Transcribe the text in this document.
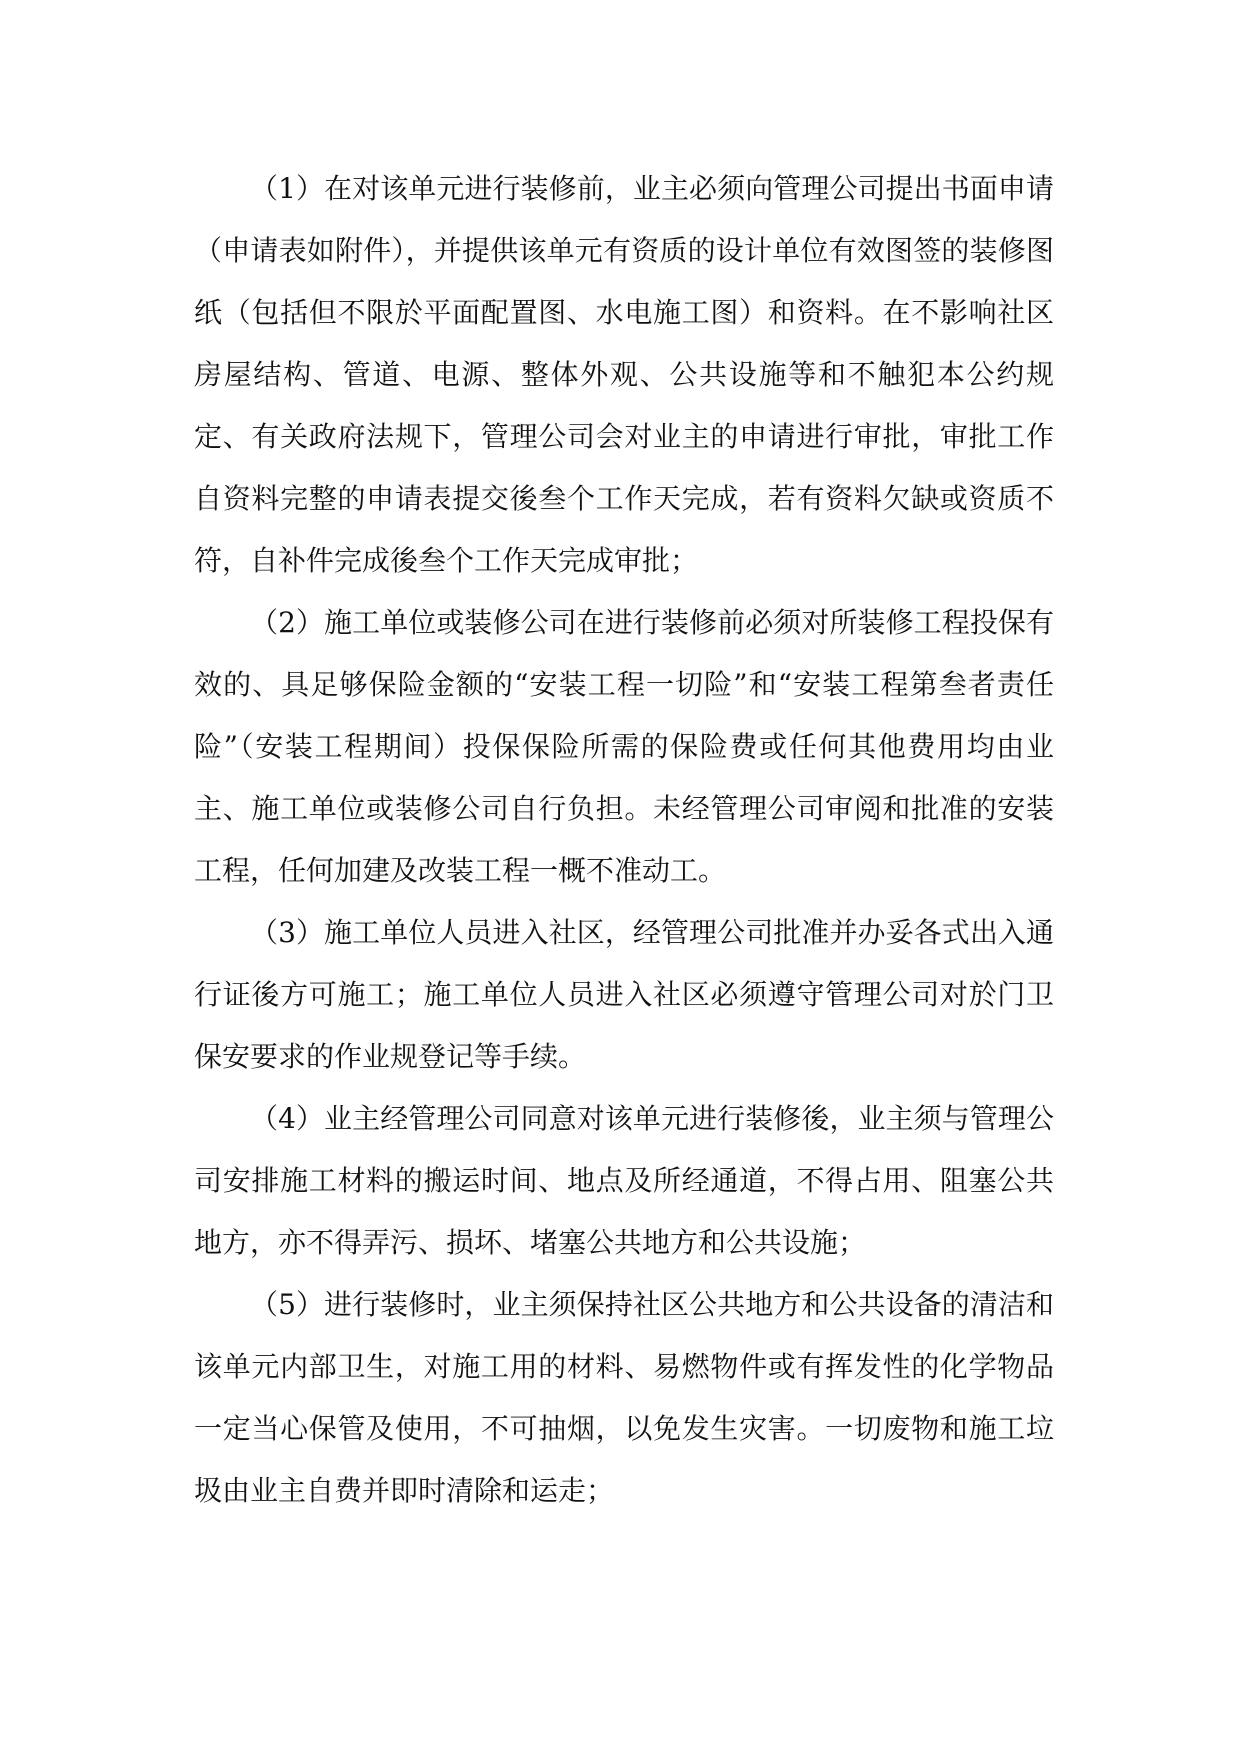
（1）在对该单元进行装修前，业主必须向管理公司提出书面申请（申请表如附件），并提供该单元有资质的设计单位有效图签的装修图纸（包括但不限於平面配置图、水电施工图）和资料。在不影响社区房屋结构、管道、电源、整体外观、公共设施等和不触犯本公约规定、有关政府法规下，管理公司会对业主的申请进行审批，审批工作自资料完整的申请表提交後叁个工作天完成，若有资料欠缺或资质不符，自补件完成後叁个工作天完成审批；

（2）施工单位或装修公司在进行装修前必须对所装修工程投保有效的、具足够保险金额的“安装工程一切险”和“安装工程第叁者责任险”（安装工程期间）投保保险所需的保险费或任何其他费用均由业主、施工单位或装修公司自行负担。未经管理公司审阅和批准的安装工程，任何加建及改装工程一概不准动工。

（3）施工单位人员进入社区，经管理公司批准并办妥各式出入通行证後方可施工；施工单位人员进入社区必须遵守管理公司对於门卫保安要求的作业规登记等手续。

（4）业主经管理公司同意对该单元进行装修後，业主须与管理公司安排施工材料的搬运时间、地点及所经通道，不得占用、阻塞公共地方，亦不得弄污、损坏、堵塞公共地方和公共设施；

（5）进行装修时，业主须保持社区公共地方和公共设备的清洁和该单元内部卫生，对施工用的材料、易燃物件或有挥发性的化学物品一定当心保管及使用，不可抽烟，以免发生灾害。一切废物和施工垃圾由业主自费并即时清除和运走；
